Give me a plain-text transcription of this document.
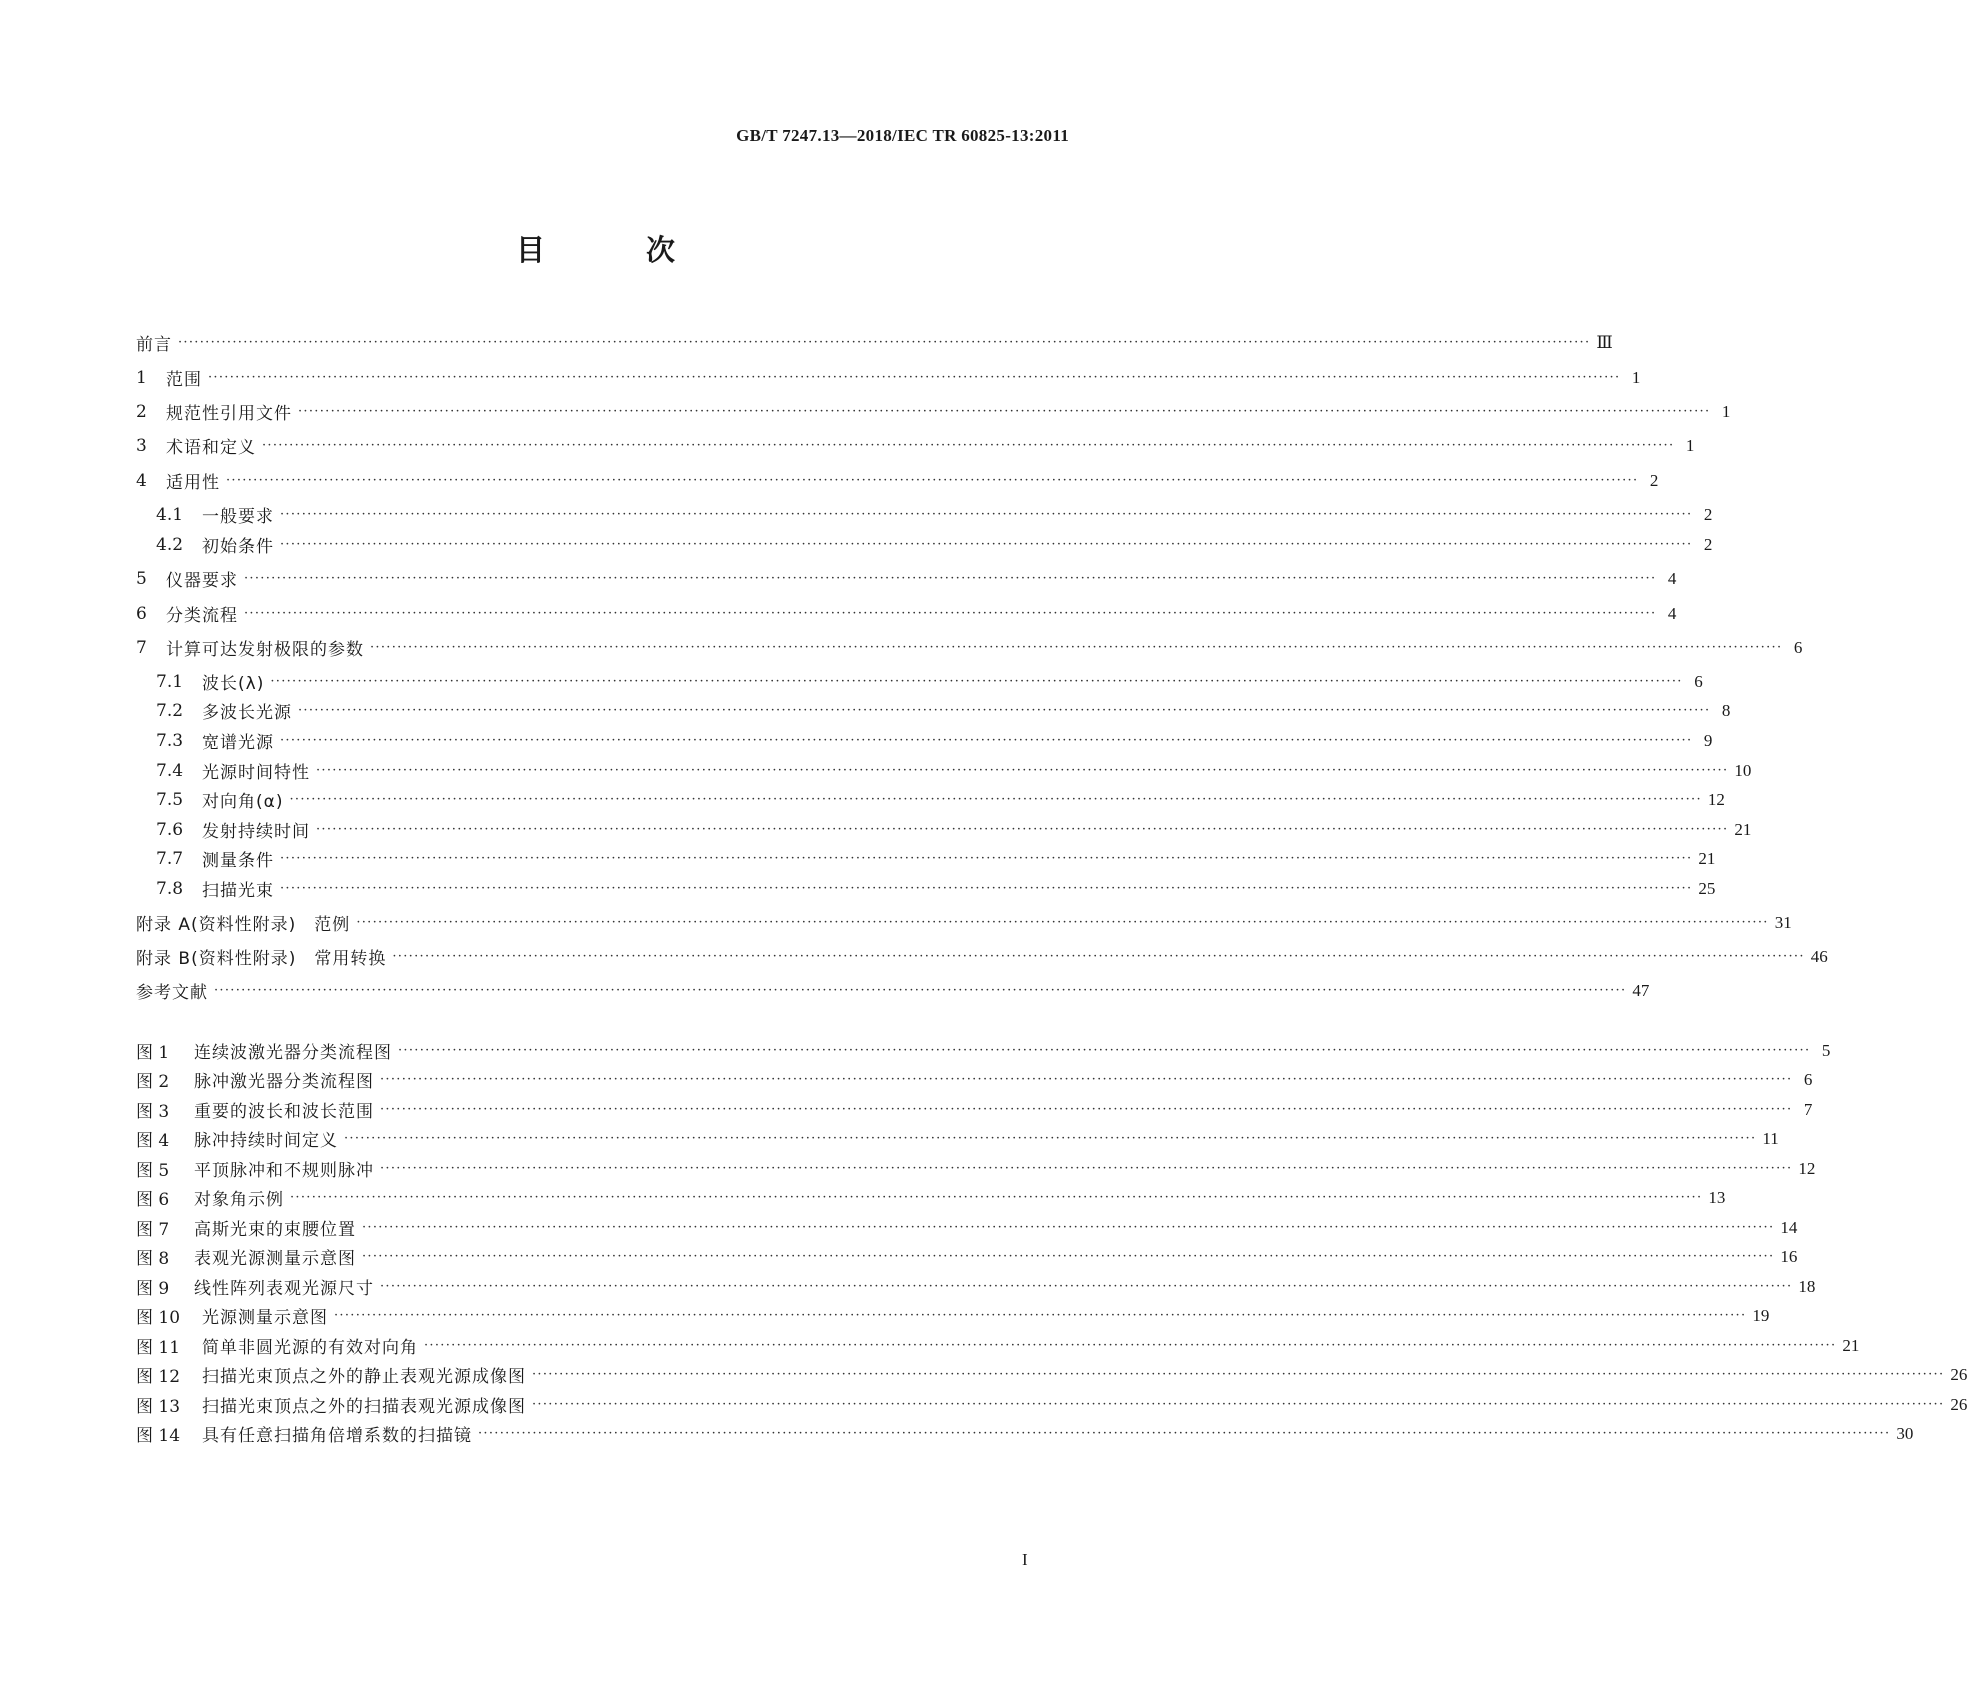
GB/T 7247.13—2018/IEC TR 60825-13:2011
目　次
前言 ···································································································································································································································································· Ⅲ
1	范围 ···································································································································································································································································· 1
2	规范性引用文件 ···································································································································································································································································· 1
3	术语和定义 ···································································································································································································································································· 1
4	适用性 ···································································································································································································································································· 2
4.1	一般要求 ···································································································································································································································································· 2
4.2	初始条件 ···································································································································································································································································· 2
5	仪器要求 ···································································································································································································································································· 4
6	分类流程 ···································································································································································································································································· 4
7	计算可达发射极限的参数 ···································································································································································································································································· 6
7.1	波长(λ) ···································································································································································································································································· 6
7.2	多波长光源 ···································································································································································································································································· 8
7.3	宽谱光源 ···································································································································································································································································· 9
7.4	光源时间特性 ···································································································································································································································································· 10
7.5	对向角(α) ···································································································································································································································································· 12
7.6	发射持续时间 ···································································································································································································································································· 21
7.7	测量条件 ···································································································································································································································································· 21
7.8	扫描光束 ···································································································································································································································································· 25
附录 A(资料性附录)　范例 ···································································································································································································································································· 31
附录 B(资料性附录)　常用转换 ···································································································································································································································································· 46
参考文献 ···································································································································································································································································· 47
图 1	连续波激光器分类流程图 ···································································································································································································································································· 5
图 2	脉冲激光器分类流程图 ···································································································································································································································································· 6
图 3	重要的波长和波长范围 ···································································································································································································································································· 7
图 4	脉冲持续时间定义 ···································································································································································································································································· 11
图 5	平顶脉冲和不规则脉冲 ···································································································································································································································································· 12
图 6	对象角示例 ···································································································································································································································································· 13
图 7	高斯光束的束腰位置 ···································································································································································································································································· 14
图 8	表观光源测量示意图 ···································································································································································································································································· 16
图 9	线性阵列表观光源尺寸 ···································································································································································································································································· 18
图 10	光源测量示意图 ···································································································································································································································································· 19
图 11	简单非圆光源的有效对向角 ···································································································································································································································································· 21
图 12	扫描光束顶点之外的静止表观光源成像图 ···································································································································································································································································· 26
图 13	扫描光束顶点之外的扫描表观光源成像图 ···································································································································································································································································· 26
图 14	具有任意扫描角倍增系数的扫描镜 ···································································································································································································································································· 30
I
